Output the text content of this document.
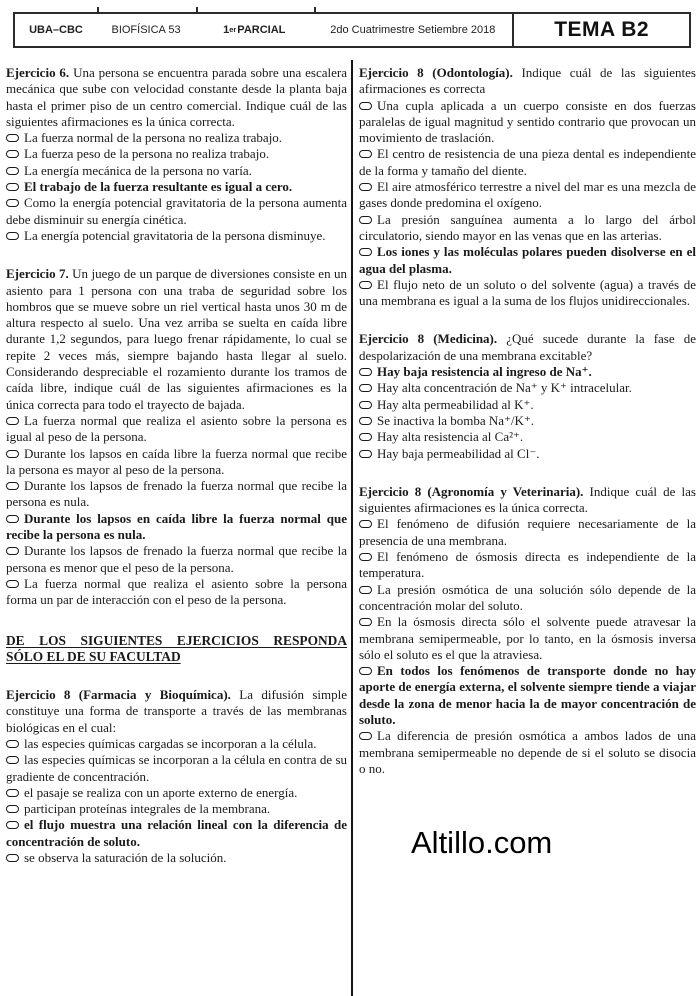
UBA–CBC	BIOFÍSICA 53	1 er PARCIAL	2do Cuatrimestre Setiembre 2018	TEMA B2

Ejercicio 6. Una persona se encuentra parada sobre una escalera mecánica que sube con velocidad constante desde la planta baja hasta el primer piso de un centro comercial. Indique cuál de las siguientes afirmaciones es la única correcta.

La fuerza normal de la persona no realiza trabajo.
La fuerza peso de la persona no realiza trabajo.
La energía mecánica de la persona no varía.
El trabajo de la fuerza resultante es igual a cero.
Como la energía potencial gravitatoria de la persona aumenta debe disminuir su energía cinética.
La energía potencial gravitatoria de la persona disminuye.

Ejercicio 7. Un juego de un parque de diversiones consiste en un asiento para 1 persona con una traba de seguridad sobre los hombros que se mueve sobre un riel vertical hasta unos 30 m de altura respecto al suelo. Una vez arriba se suelta en caída libre durante 1,2 segundos, para luego frenar rápidamente, lo cual se repite 2 veces más, siempre bajando hasta llegar al suelo. Considerando despreciable el rozamiento durante los tramos de caída libre, indique cuál de las siguientes afirmaciones es la única correcta para todo el trayecto de bajada.

La fuerza normal que realiza el asiento sobre la persona es igual al peso de la persona.
Durante los lapsos en caída libre la fuerza normal que recibe la persona es mayor al peso de la persona.
Durante los lapsos de frenado la fuerza normal que recibe la persona es nula.
Durante los lapsos en caída libre la fuerza normal que recibe la persona es nula.
Durante los lapsos de frenado la fuerza normal que recibe la persona es menor que el peso de la persona.
La fuerza normal que realiza el asiento sobre la persona forma un par de interacción con el peso de la persona.
DE LOS SIGUIENTES EJERCICIOS RESPONDA
SÓLO EL DE SU FACULTAD

Ejercicio 8 (Farmacia y Bioquímica). La difusión simple constituye una forma de transporte a través de las membranas biológicas en el cual:

las especies químicas cargadas se incorporan a la célula.
las especies químicas se incorporan a la célula en contra de su gradiente de concentración.
el pasaje se realiza con un aporte externo de energía.
participan proteínas integrales de la membrana.
el flujo muestra una relación lineal con la diferencia de concentración de soluto.
se observa la saturación de la solución.

Ejercicio 8 (Odontología). Indique cuál de las siguientes afirmaciones es correcta

Una cupla aplicada a un cuerpo consiste en dos fuerzas paralelas de igual magnitud y sentido contrario que provocan un movimiento de traslación.
El centro de resistencia de una pieza dental es independiente de la forma y tamaño del diente.
El aire atmosférico terrestre a nivel del mar es una mezcla de gases donde predomina el oxígeno.
La presión sanguínea aumenta a lo largo del árbol circulatorio, siendo mayor en las venas que en las arterias.
Los iones y las moléculas polares pueden disolverse en el agua del plasma.
El flujo neto de un soluto o del solvente (agua) a través de una membrana es igual a la suma de los flujos unidireccionales.

Ejercicio 8 (Medicina). ¿Qué sucede durante la fase de despolarización de una membrana excitable?

Hay baja resistencia al ingreso de Na⁺.
Hay alta concentración de Na⁺ y K⁺ intracelular.
Hay alta permeabilidad al K⁺.
Se inactiva la bomba Na⁺/K⁺.
Hay alta resistencia al Ca²⁺.
Hay baja permeabilidad al Cl⁻.

Ejercicio 8 (Agronomía y Veterinaria). Indique cuál de las siguientes afirmaciones es la única correcta.

El fenómeno de difusión requiere necesariamente de la presencia de una membrana.
El fenómeno de ósmosis directa es independiente de la temperatura.
La presión osmótica de una solución sólo depende de la concentración molar del soluto.
En la ósmosis directa sólo el solvente puede atravesar la membrana semipermeable, por lo tanto, en la ósmosis inversa sólo el soluto es el que la atraviesa.
En todos los fenómenos de transporte donde no hay aporte de energía externa, el solvente siempre tiende a viajar desde la zona de menor hacia la de mayor concentración de soluto.
La diferencia de presión osmótica a ambos lados de una membrana semipermeable no depende de si el soluto se disocia o no.
Altillo.com
